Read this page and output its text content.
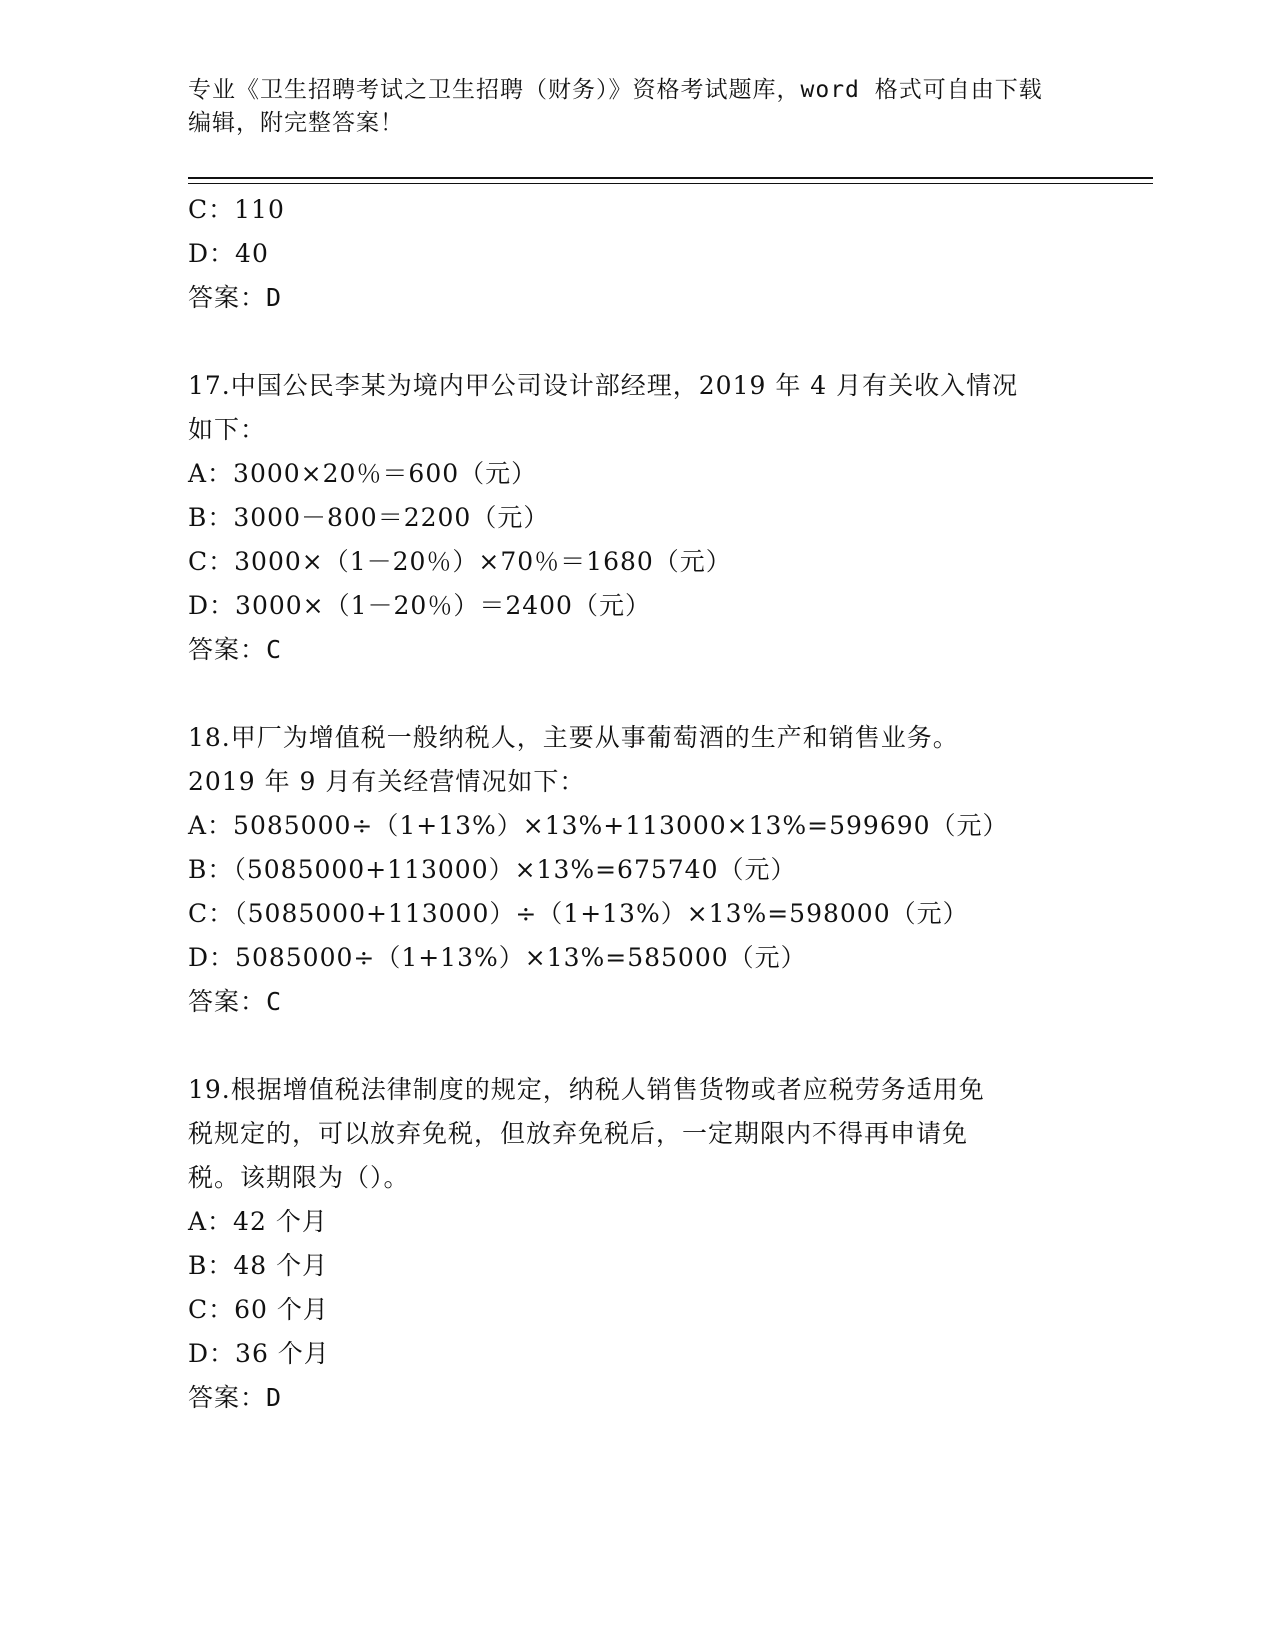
专业《卫生招聘考试之卫生招聘（财务）》资格考试题库，word 格式可自由下载
编辑，附完整答案！
C：110
D：40
答案：D
17.中国公民李某为境内甲公司设计部经理，2019 年 4 月有关收入情况
如下：
A：3000×20％＝600（元）
B：3000－800＝2200（元）
C：3000×（1－20％）×70％＝1680（元）
D：3000×（1－20％）＝2400（元）
答案：C
18.甲厂为增值税一般纳税人，主要从事葡萄酒的生产和销售业务。
2019 年 9 月有关经营情况如下：
A：5085000÷（1+13%）×13%+113000×13%=599690（元）
B：（5085000+113000）×13%=675740（元）
C：（5085000+113000）÷（1+13%）×13%=598000（元）
D：5085000÷（1+13%）×13%=585000（元）
答案：C
19.根据增值税法律制度的规定，纳税人销售货物或者应税劳务适用免
税规定的，可以放弃免税，但放弃免税后，一定期限内不得再申请免
税。该期限为（）。
A：42 个月
B：48 个月
C：60 个月
D：36 个月
答案：D
